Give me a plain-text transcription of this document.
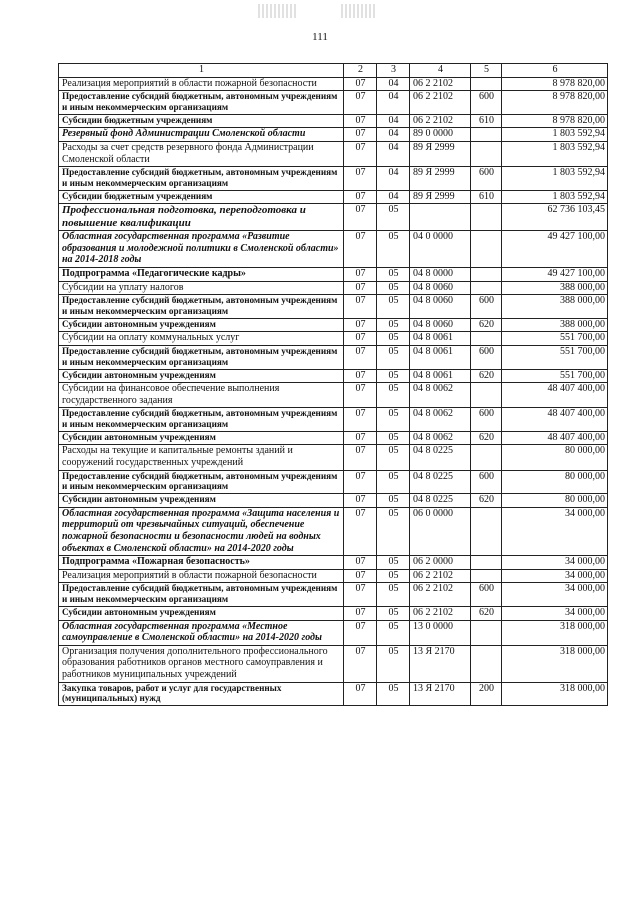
111
1	2	3	4	5	6
Реализация мероприятий в области пожарной безопасности	07	04	06 2 2102		8 978 820,00
Предоставление субсидий бюджетным, автономным учреждениям и иным некоммерческим организациям	07	04	06 2 2102	600	8 978 820,00
Субсидии бюджетным учреждениям	07	04	06 2 2102	610	8 978 820,00
Резервный фонд Администрации Смоленской области	07	04	89 0 0000		1 803 592,94
Расходы за счет средств резервного фонда Администрации Смоленской области	07	04	89 Я 2999		1 803 592,94
Предоставление субсидий бюджетным, автономным учреждениям и иным некоммерческим организациям	07	04	89 Я 2999	600	1 803 592,94
Субсидии бюджетным учреждениям	07	04	89 Я 2999	610	1 803 592,94
Профессиональная подготовка, переподготовка и повышение квалификации	07	05			62 736 103,45
Областная государственная программа «Развитие образования и молодежной политики в Смоленской области» на 2014-2018 годы	07	05	04 0 0000		49 427 100,00
Подпрограмма «Педагогические кадры»	07	05	04 8 0000		49 427 100,00
Субсидии на уплату налогов	07	05	04 8 0060		388 000,00
Предоставление субсидий бюджетным, автономным учреждениям и иным некоммерческим организациям	07	05	04 8 0060	600	388 000,00
Субсидии автономным учреждениям	07	05	04 8 0060	620	388 000,00
Субсидии на оплату коммунальных услуг	07	05	04 8 0061		551 700,00
Предоставление субсидий бюджетным, автономным учреждениям и иным некоммерческим организациям	07	05	04 8 0061	600	551 700,00
Субсидии автономным учреждениям	07	05	04 8 0061	620	551 700,00
Субсидии на финансовое обеспечение выполнения государственного задания	07	05	04 8 0062		48 407 400,00
Предоставление субсидий бюджетным, автономным учреждениям и иным некоммерческим организациям	07	05	04 8 0062	600	48 407 400,00
Субсидии автономным учреждениям	07	05	04 8 0062	620	48 407 400,00
Расходы на текущие и капитальные ремонты зданий и сооружений государственных учреждений	07	05	04 8 0225		80 000,00
Предоставление субсидий бюджетным, автономным учреждениям и иным некоммерческим организациям	07	05	04 8 0225	600	80 000,00
Субсидии автономным учреждениям	07	05	04 8 0225	620	80 000,00
Областная государственная программа «Защита населения и территорий от чрезвычайных ситуаций, обеспечение пожарной безопасности и безопасности людей на водных объектах в Смоленской области» на 2014-2020 годы	07	05	06 0 0000		34 000,00
Подпрограмма «Пожарная безопасность»	07	05	06 2 0000		34 000,00
Реализация мероприятий в области пожарной безопасности	07	05	06 2 2102		34 000,00
Предоставление субсидий бюджетным, автономным учреждениям и иным некоммерческим организациям	07	05	06 2 2102	600	34 000,00
Субсидии автономным учреждениям	07	05	06 2 2102	620	34 000,00
Областная государственная программа «Местное самоуправление в Смоленской области» на 2014-2020 годы	07	05	13 0 0000		318 000,00
Организация получения дополнительного профессионального образования работников органов местного самоуправления и работников муниципальных учреждений	07	05	13 Я 2170		318 000,00
Закупка товаров, работ и услуг для государственных (муниципальных) нужд	07	05	13 Я 2170	200	318 000,00
